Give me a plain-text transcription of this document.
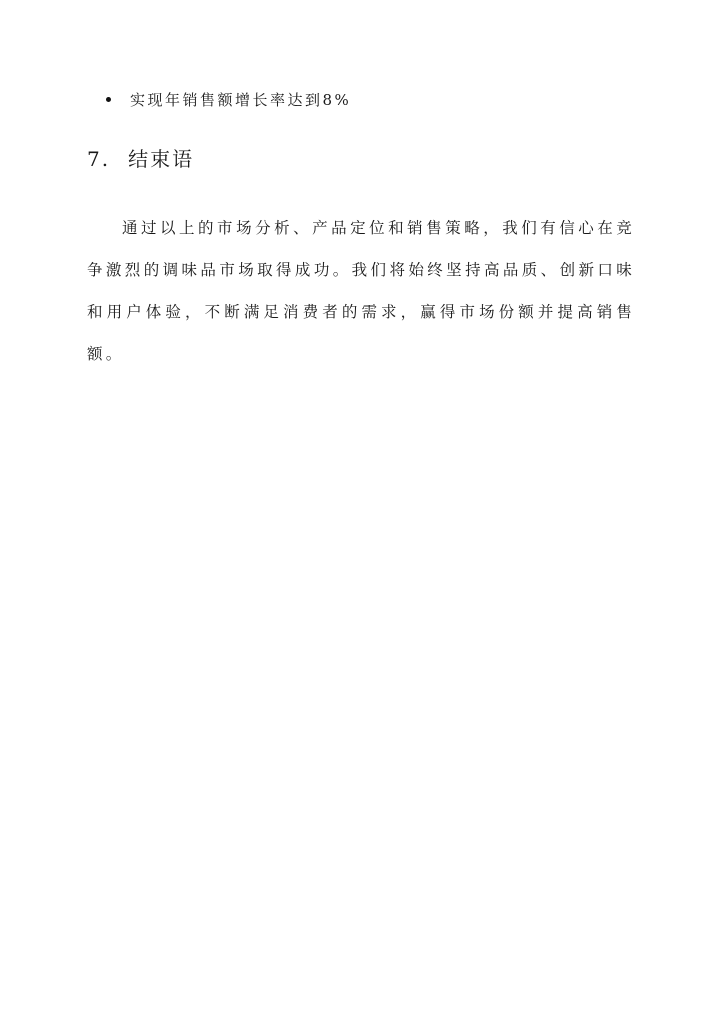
实现年销售额增长率达到8%
7. 结束语

通过以上的市场分析、产品定位和销售策略，我们有信心在竞争激烈的调味品市场取得成功。我们将始终坚持高品质、创新口味和用户体验，不断满足消费者的需求，赢得市场份额并提高销售额。
